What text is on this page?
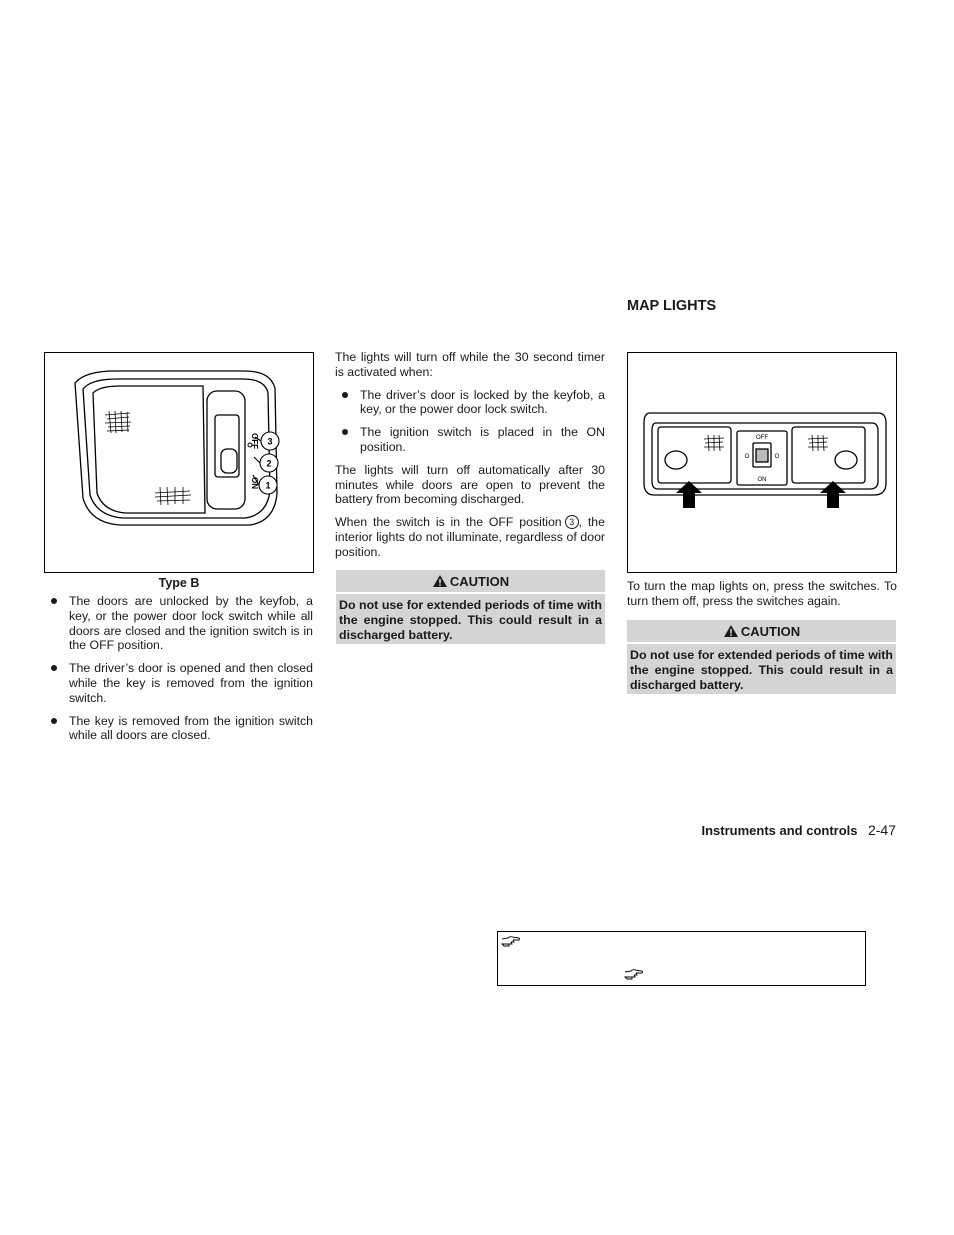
OFF
ON
3
2
1
Type B
The doors are unlocked by the keyfob, a key, or the power door lock switch while all doors are closed and the ignition switch is in the OFF position.
The driver’s door is opened and then closed while the key is removed from the ignition switch.
The key is removed from the ignition switch while all doors are closed.

The lights will turn off while the 30 second timer is activated when:

The driver’s door is locked by the keyfob, a key, or the power door lock switch.
The ignition switch is placed in the ON position.

The lights will turn off automatically after 30 minutes while doors are open to prevent the battery from becoming discharged.

When the switch is in the OFF position 3 , the interior lights do not illuminate, regardless of door position.

CAUTION
Do not use for extended periods of time with the engine stopped. This could result in a discharged battery.
MAP LIGHTS
OFF
ON
O	O

To turn the map lights on, press the switches. To turn them off, press the switches again.

CAUTION
Do not use for extended periods of time with the engine stopped. This could result in a discharged battery.
Instruments and controls 2-47
